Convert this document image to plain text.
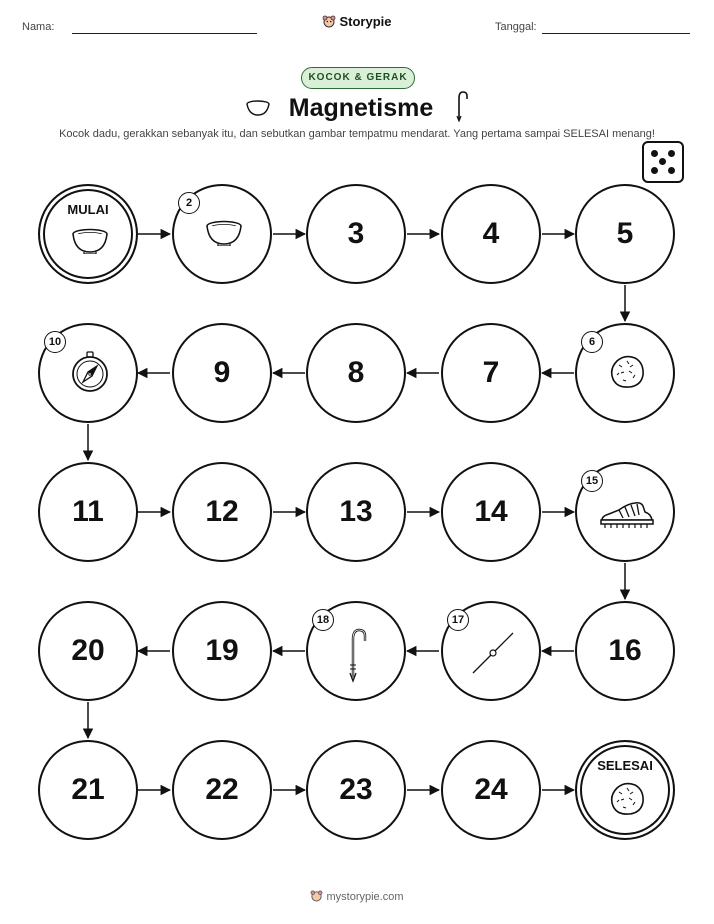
Nama:	Storypie	Tanggal:
KOCOK & GERAK
Magnetisme
Kocok dadu, gerakkan sebanyak itu, dan sebutkan gambar tempatmu mendarat. Yang pertama sampai SELESAI menang!
MULAI	2
3	4	5
6
7
8
9
10
11	12	13	14
15
16
17
18
19
20
21	22	23	24
SELESAI
mystorypie.com
